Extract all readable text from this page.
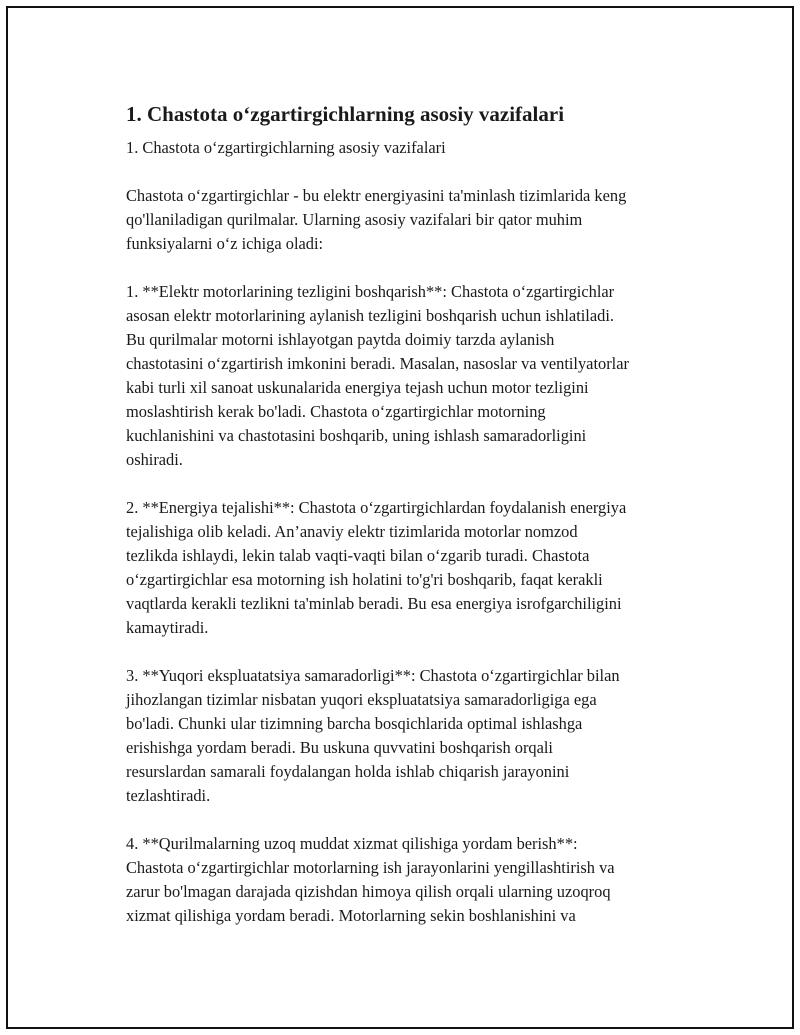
1. Chastota o‘zgartirgichlarning asosiy vazifalari
1. Chastota o‘zgartirgichlarning asosiy vazifalari

Chastota o‘zgartirgichlar - bu elektr energiyasini ta'minlash tizimlarida keng
qo'llaniladigan qurilmalar. Ularning asosiy vazifalari bir qator muhim
funksiyalarni o‘z ichiga oladi:

1. **Elektr motorlarining tezligini boshqarish**: Chastota o‘zgartirgichlar
asosan elektr motorlarining aylanish tezligini boshqarish uchun ishlatiladi.
Bu qurilmalar motorni ishlayotgan paytda doimiy tarzda aylanish
chastotasini o‘zgartirish imkonini beradi. Masalan, nasoslar va ventilyatorlar
kabi turli xil sanoat uskunalarida energiya tejash uchun motor tezligini
moslashtirish kerak bo'ladi. Chastota o‘zgartirgichlar motorning
kuchlanishini va chastotasini boshqarib, uning ishlash samaradorligini
oshiradi.

2. **Energiya tejalishi**: Chastota o‘zgartirgichlardan foydalanish energiya
tejalishiga olib keladi. An’anaviy elektr tizimlarida motorlar nomzod
tezlikda ishlaydi, lekin talab vaqti-vaqti bilan o‘zgarib turadi. Chastota
o‘zgartirgichlar esa motorning ish holatini to'g'ri boshqarib, faqat kerakli
vaqtlarda kerakli tezlikni ta'minlab beradi. Bu esa energiya isrofgarchiligini
kamaytiradi.

3. **Yuqori ekspluatatsiya samaradorligi**: Chastota o‘zgartirgichlar bilan
jihozlangan tizimlar nisbatan yuqori ekspluatatsiya samaradorligiga ega
bo'ladi. Chunki ular tizimning barcha bosqichlarida optimal ishlashga
erishishga yordam beradi. Bu uskuna quvvatini boshqarish orqali
resurslardan samarali foydalangan holda ishlab chiqarish jarayonini
tezlashtiradi.

4. **Qurilmalarning uzoq muddat xizmat qilishiga yordam berish**:
Chastota o‘zgartirgichlar motorlarning ish jarayonlarini yengillashtirish va
zarur bo'lmagan darajada qizishdan himoya qilish orqali ularning uzoqroq
xizmat qilishiga yordam beradi. Motorlarning sekin boshlanishini va
